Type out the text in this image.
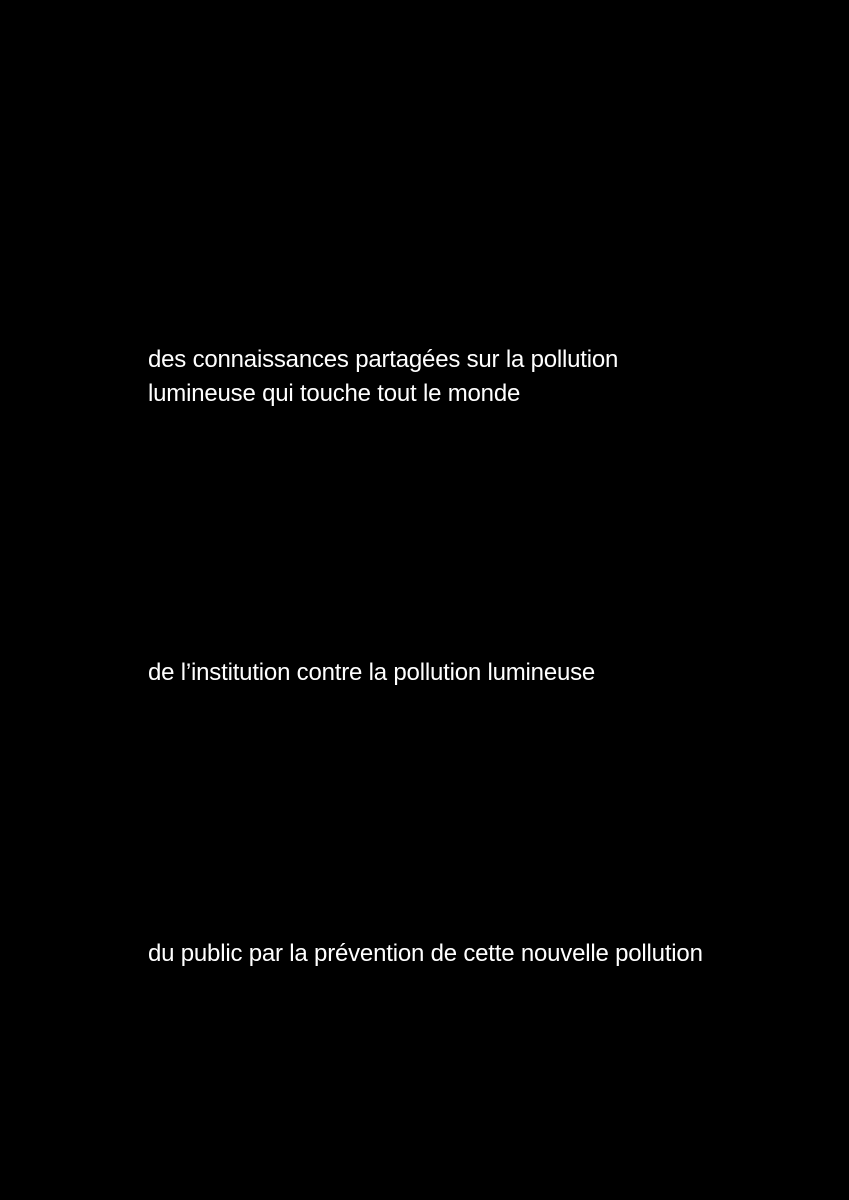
des connaissances partagées sur la pollution
lumineuse qui touche tout le monde

de l’institution contre la pollution lumineuse

du public par la prévention de cette nouvelle pollution
